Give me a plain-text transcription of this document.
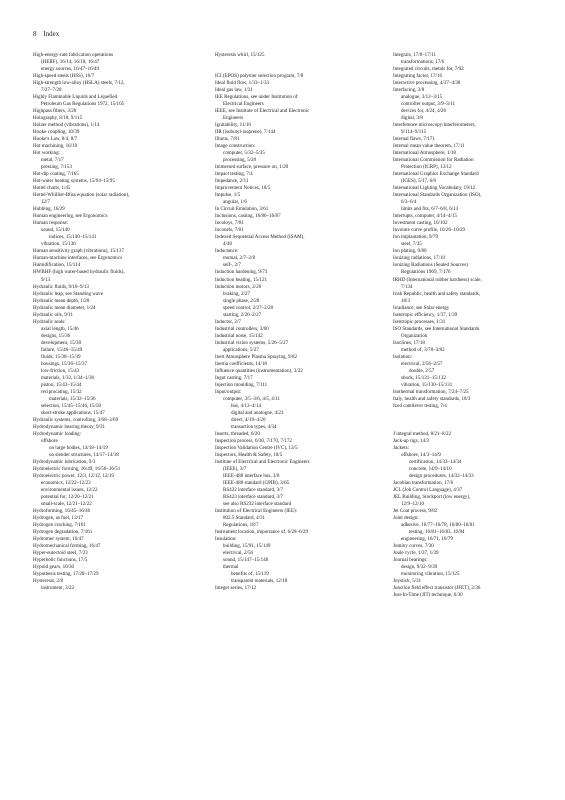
8 Index
High-energy-rate fabrication operations
(HERF), 16/14, 16/18, 16/47
energy sources, 16/47–16/49
High-speed steels (HSS), 16/7
High-strength low-alloy (HSLA) steels, 7/12,
7/27–7/28
Highly Flammable Liquids and Liquefied
Petroleum Gas Regulations 1972, 15/105
Highpass filters, 3/20
Holography, 8/18, 9/115
Holzer method (vibrations), 1/14
Hooke coupling, 10/39
Hooke's Law, 8/4, 8/7
Hot machining, 16/10
Hot working:
metal, 7/17
pressing, 7/153
Hot-dip coating, 7/165
Hot-water heating systems, 15/94–15/95
Hottel charts, 1/45
Hottel-Whillier-Bliss equation (solar radiation),
12/7
Hubbing, 16/29
Human engineering, see Ergonomics
Human response:
sound, 15/140
indices, 15/140–15/141
vibration, 15/136
Human sensitivity graph (vibrations), 15/137
Human-machine interfaces, see Ergonomics
Humidification, 15/114
HWBHF (high water-based hydraulic fluids),
9/13
Hydraulic fluids, 9/10–9/13
Hydraulic leap, see Standing wave
Hydraulic mean depth, 1/28
Hydraulic mean diameter, 1/24
Hydraulic oils, 9/11
Hydraulic seals:
axial length, 15/46
designs, 15/36
development, 15/30
failure, 15/46–15/49
fluids, 15/38–15/39
housings, 15/36–15/37
low-friction, 15/43
materials, 1/32, 1/34–1/36
piston, 15/43–15/44
reciprocating, 15/32
materials, 15/32–15/36
selection, 15/45–15/46, 15/50
short-stroke applications, 15/47
Hydraulic systems, controlling, 3/68–3/69
Hydrodynamic bearing theory, 9/31
Hydrodynamic loading:
offshore
on large bodies, 14/18–14/19
on slender structures, 14/17–14/18
Hydrodynamic lubrication, 9/3
Hydroelectric forming, 16/49, 16/50–16/51
Hydroelectric power, 12/3, 12/12, 12/19
economics, 12/22–12/23
environmental issues, 12/22
potential for, 12/20–12/21
small-scale, 12/21–12/22
Hydroforming, 16/45–16/46
Hydrogen, as fuel, 13/17
Hydrogen cracking, 7/161
Hydrogen degradation, 7/161
Hydromec system, 16/47
Hydromechanical forming, 16/47
Hyper-eutectoid steel, 7/23
Hyperbolic functions, 17/5
Hypoid gears, 10/30
Hypothesis testing, 17/28–17/29
Hysteresis, 2/8
instrument, 3/22
Hysteresis whirl, 15/125
ICI (EPOS) polymer selection program, 7/8
Ideal fluid flow, 1/33–1/33
Ideal gas law, 1/31
IEE Regulations, see under Institution of
Electrical Engineers
IEEE, see Institute of Electrical and Electronic
Engineers
Ignitability, 11/16
IIR (isobutyl-isoprene), 7/144
Illums, 7/81
Image construction:
computer, 5/32–5/35
processing, 5/28
Immersed surface, pressure on, 1/20
Impact testing, 7/4
Impedance, 2/11
Improvement Notices, 18/5
Impulse, 1/5
angular, 1/6
In Circuit Emulation, 3/61
Inclusions, casting, 16/86–16/87
Incoloys, 7/81
Inconels, 7/81
Indexed Sequential Access Method (ISAM),
4/40
Inductance:
mutual, 2/7–2/8
self-, 2/7
Induction hardening, 9/73
Induction heating, 15/121
Induction motors, 2/26
braking, 2/27
single phase, 2/28
speed control, 2/27–2/28
starting, 2/26–2/27
Inductor, 2/7
Industrial controllers, 3/60
Industrial noise, 15/142
Industrial vision systems, 5/26–5/27
applications, 5/27
Inert Atmosphere Plasma Spraying, 9/82
Inertia coefficients, 14/18
Influence quantities (instrumentation), 3/22
Ingot casting, 7/17
Injection moulding, 7/111
Input/output:
computer, 3/5–3/6, 4/5, 4/11
bus, 4/13–4/14
digital and analogue, 4/23
direct, 4/19–4/20
transaction types, 4/34
Inserts, threaded, 6/20
Inspection process, 6/30, 7/170, 7/172
Inspection Validation Centre (IVC), 13/5
Inspectors, Health & Safety, 18/5
Institute of Electrical and Electronic Engineers
(IEEE), 3/7
IEEE-488 interface bus, 3/8
IEEE-488 standard (GPIB), 3/65
RS422 interface standard, 3/7
RS423 interface standard, 3/7
see also RS232 interface standard
Institution of Electrical Engineers (IEE):
802.5 Standard, 4/31
Regulations, 18/7
Instrument location, importance of, 6/28–6/29
Insulation:
building, 15/91, 15/149
electrical, 2/56
sound, 15/147–15/148
thermal
benefits of, 15/119
transparent materials, 12/18
Integer series, 17/12
Integrals, 17/8–17/11
transformations, 17/6
Integrated circuits, metals for, 7/92
Integrating factor, 17/16
Interactive processing, 4/37–4/38
Interfacing, 3/8
analogue, 3/12–3/15
controller output, 3/9–3/11
devices for, 4/24, 4/26
digital, 3/8
Interference microscopy/interferometers,
9/114–9/115
Internal flaws, 7/171
Internal mean value theorem, 17/11
International Atmosphere, 1/18
International Commission for Radiation
Protection (ICRP), 13/12
International Graphics Exchange Standard
(IGES), 5/17, 6/6
International Lighting Vocabulary, 19/12
International Standards Organization (ISO),
6/3–6/4
limits and fits, 6/7–6/8, 6/13
Interrupts, computer, 4/14–4/15
Investment casting, 16/102
Involute curve profile, 10/26–10/29
Ion implantation, 9/79
steel, 7/35
Ion plating, 9/80
Ionizing radiations, 17/10
Ionizing Radiations (Sealed Sources)
Regulations 1969, 7/176
IRHD (International rubber hardness) scale,
7/134
Irish Republic, health and safety standards,
18/3
Irradiance, see Solar energy
Isentropic efficiency, 1/37, 1/39
Isentropic processes, 1/31
ISO Standards, see International Standards
Organization
Isoclines, 17/18
method of, 3/78–3/82
Isolation:
electrical, 2/56–2/57
double, 2/57
shock, 15/131–15/132
vibration, 15/130–15/131
Isothermal transformation, 7/24–7/25
Italy, health and safety standards, 18/3
Izod cantilever testing, 7/4
J integral method, 8/21–8/22
Jack-up rigs, 14/3
Jackets:
offshore, 14/3–14/9
certification, 14/33–14/34
concrete, 14/9–14/10
design procedures, 14/32–14/33
Jacobian transformation, 17/6
JCL (Job Control Language), 4/37
JEL Building, Stockport (low energy),
12/9–12/10
Jet Coat process, 9/82
Joint design:
adhesive, 16/77–16/78, 16/80–16/81
testing, 16/81–16/83, 16/84
engineering, 16/71, 16/79
Jominy curves, 7/30
Joule cycle, 1/37, 1/39
Journal bearings:
design, 9/32–9/39
monitoring vibration, 15/125
Joystick, 5/31
Junction field effect transistor (JFET), 2/36
Just-In-Time (JIT) technique, 6/30
